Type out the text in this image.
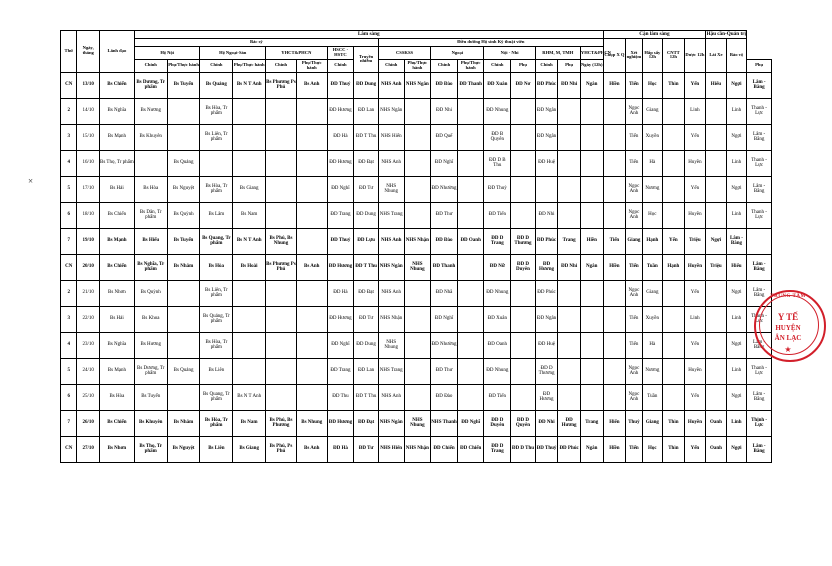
×
Thứ	Ngày, tháng	Lãnh đạo	Lâm sàng																	Cận lâm sàng					Hậu cần-Quản trị		
			Bác sỹ								Điều dưỡng Hộ sinh Kỹ thuật viên									Chụp X Q	Xét nghiệm	Hấp sấy 12h	CNTT 12h	Dược 12h	Lái Xe	Bảo vệ	
			Hệ Nội		Hệ Ngoại-Sản		YHCT&PHCN		HSCC - HSTC	Truyền nhiễm	CSSKSS		Ngoại		Nội - Nhi		RHM, M, TMH		YHCT&PHCN								
			Chính	Phụ/Thực hành	Chính	Phụ/Thực hành	Chính	Phụ/Thực hành	Chính		Chính	Phụ/Thực hành	Chính	Phụ/Thực hành	Chính	Phụ	Chính	Phụ	Ngày (12h)								Phụ
CN	13/10	Bs Chiến	Bs Dương, Tr phẩm	Bs Tuyến	Bs Quảng	Bs N T Anh	Bs Phương Ps Phú	Bs Anh	ĐD Thuý	ĐD Dung	NHS Anh	NHS Ngân	ĐD Đào	ĐD Thanh	ĐD Xuân	ĐD Nơ	ĐD Phúc	ĐD Nhi	Ngân	Hiền	Tiến	Học	Thìn	Yến	Hiểu	Ngợi	Lâm - Bằng
2	14/10	Bs Nghĩa	Bs Nương		Bs Hòa, Tr phẩm				ĐD Hương	ĐD Lan	NHS Ngân		ĐD Nhi		ĐD Nhung		ĐD Ngân				Ngọc Anh	Giang		Linh		Linh	Thanh - Lực
3	15/10	Bs Mạnh	Bs Khuyên		Bs Liên, Tr phẩm				ĐD Hà	ĐD T Thu	NHS Hiển		ĐD Quế		ĐD B Quyên		ĐD Ngân				Tiến	Xuyền		Yến		Ngợi	Lâm - Bằng
4	16/10	Bs Thọ, Tr phẩm		Bs Quảng					ĐD Hương	ĐD Đạt	NHS Anh		ĐD Nghĩ		ĐD D B Thu		ĐD Huệ				Tiến	Hà		Huyền		Linh	Thanh - Lực
5	17/10	Bs Hải	Bs Hòa	Bs Nguyệt	Bs Hòa, Tr phẩm	Bs Giang			ĐD Nghĩ	ĐD Tư	NHS Nhung		ĐD Nhường		ĐD Thuỷ						Ngọc Anh	Nương		Yến		Ngợi	Lâm - Bằng
6	18/10	Bs Chiến	Bs Dân, Tr phẩm	Bs Quỳnh	Bs Lâm	Bs Nam			ĐD Trang	ĐD Dung	NHS Trang		ĐD Thư		ĐD Tiến		ĐD Nhi				Ngọc Anh	Học		Huyền		Linh	Thanh - Lực
7	19/10	Bs Mạnh	Bs Hiếu	Bs Tuyến	Bs Quang, Tr phẩm	Bs N T Anh	Bs Phú, Bs Nhung		ĐD Thuỷ	ĐD Lựu	NHS Anh	NHS Nhận	ĐD Đào	ĐD Oanh	ĐD D Trang	ĐD D Thương	ĐD Phúc	Trang	Hiền	Tiến	Giang	Hạnh	Yến	Triệu	Ngợi	Lâm - Bằng	
CN	20/10	Bs Chiến	Bs Nghĩa, Tr phẩm	Bs Nhâm	Bs Hòa	Bs Hoài	Bs Phương Ps Phú	Bs Anh	ĐD Hương	ĐD T Thu	NHS Ngân	NHS Nhung	ĐD Thanh		ĐD Nữ	ĐD D Duyên	ĐD Hương	ĐD Nhi	Ngân	Hiền	Tiến	Tuần	Hạnh	Huyền	Triệu	Hiểu	Lâm - Bằng
2	21/10	Bs Nhơn	Bs Quỳnh		Bs Liên, Tr phẩm				ĐD Hà	ĐD Đạt	NHS Anh		ĐD Nhã		ĐD Nhung		ĐD Phúc				Ngọc Anh	Giang		Yến		Ngợi	Lâm - Bằng
3	22/10	Bs Hải	Bs Khoa		Bs Quảng, Tr phẩm				ĐD Hương	ĐD Tư	NHS Nhận		ĐD Nghĩ		ĐD Xuân		ĐD Ngân				Tiến	Xuyền		Linh		Linh	Thanh - Lực
4	23/10	Bs Nghĩa	Bs Hương		Bs Hòa, Tr phẩm				ĐD Nghĩ	ĐD Dung	NHS Nhung		ĐD Nhường		ĐD Oanh		ĐD Huệ				Tiến	Hà		Yến		Ngợi	Lâm - Bằng
5	24/10	Bs Mạnh	Bs Dương, Tr phẩm	Bs Quảng	Bs Liên				ĐD Trang	ĐD Lan	NHS Trang		ĐD Thư		ĐD Nhung		ĐD D Thương				Ngọc Anh	Nương		Huyền		Linh	Thanh - Lực
6	25/10	Bs Hòa	Bs Tuyến		Bs Quang, Tr phẩm	Bs N T Anh			ĐD Thu	ĐD T Thu	NHS Anh		ĐD Đào		ĐD Tiến		ĐD Hương				Ngọc Anh	Tuần		Yến		Ngợi	Lâm - Bằng
7	26/10	Bs Chiến	Bs Khuyên	Bs Nhâm	Bs Hòa, Tr phẩm	Bs Nam	Bs Phú, Bs Phương	Bs Nhung	ĐD Hương	ĐD Đạt	NHS Ngân	NHS Nhung	NHS Thanh	ĐD Nghĩ	ĐD D Duyên	ĐD D Quyên	ĐD Nhi	ĐD Hương	Trang	Hiển	Thuỷ	Giang	Thìn	Huyền	Oanh	Linh	Thịnh - Lực
CN	27/10	Bs Nhơn	Bs Thọ, Tr phẩm	Bs Nguyệt	Bs Liên	Bs Giang	Bs Phú, Ps Phú	Bs Anh	ĐD Hà	ĐD Tư	NHS Hiển	NHS Nhận	ĐD Chiến	ĐD Chiến	ĐD D Trang	ĐD D Thu	ĐD Thuỷ	ĐD Phúc	Ngân	Hiền	Tiến	Học	Thìn	Yến	Oanh	Ngợi	Lâm - Bằng
TRUNG TÂM
Y TẾ
HUYỆN
ÂN LẠC
★
